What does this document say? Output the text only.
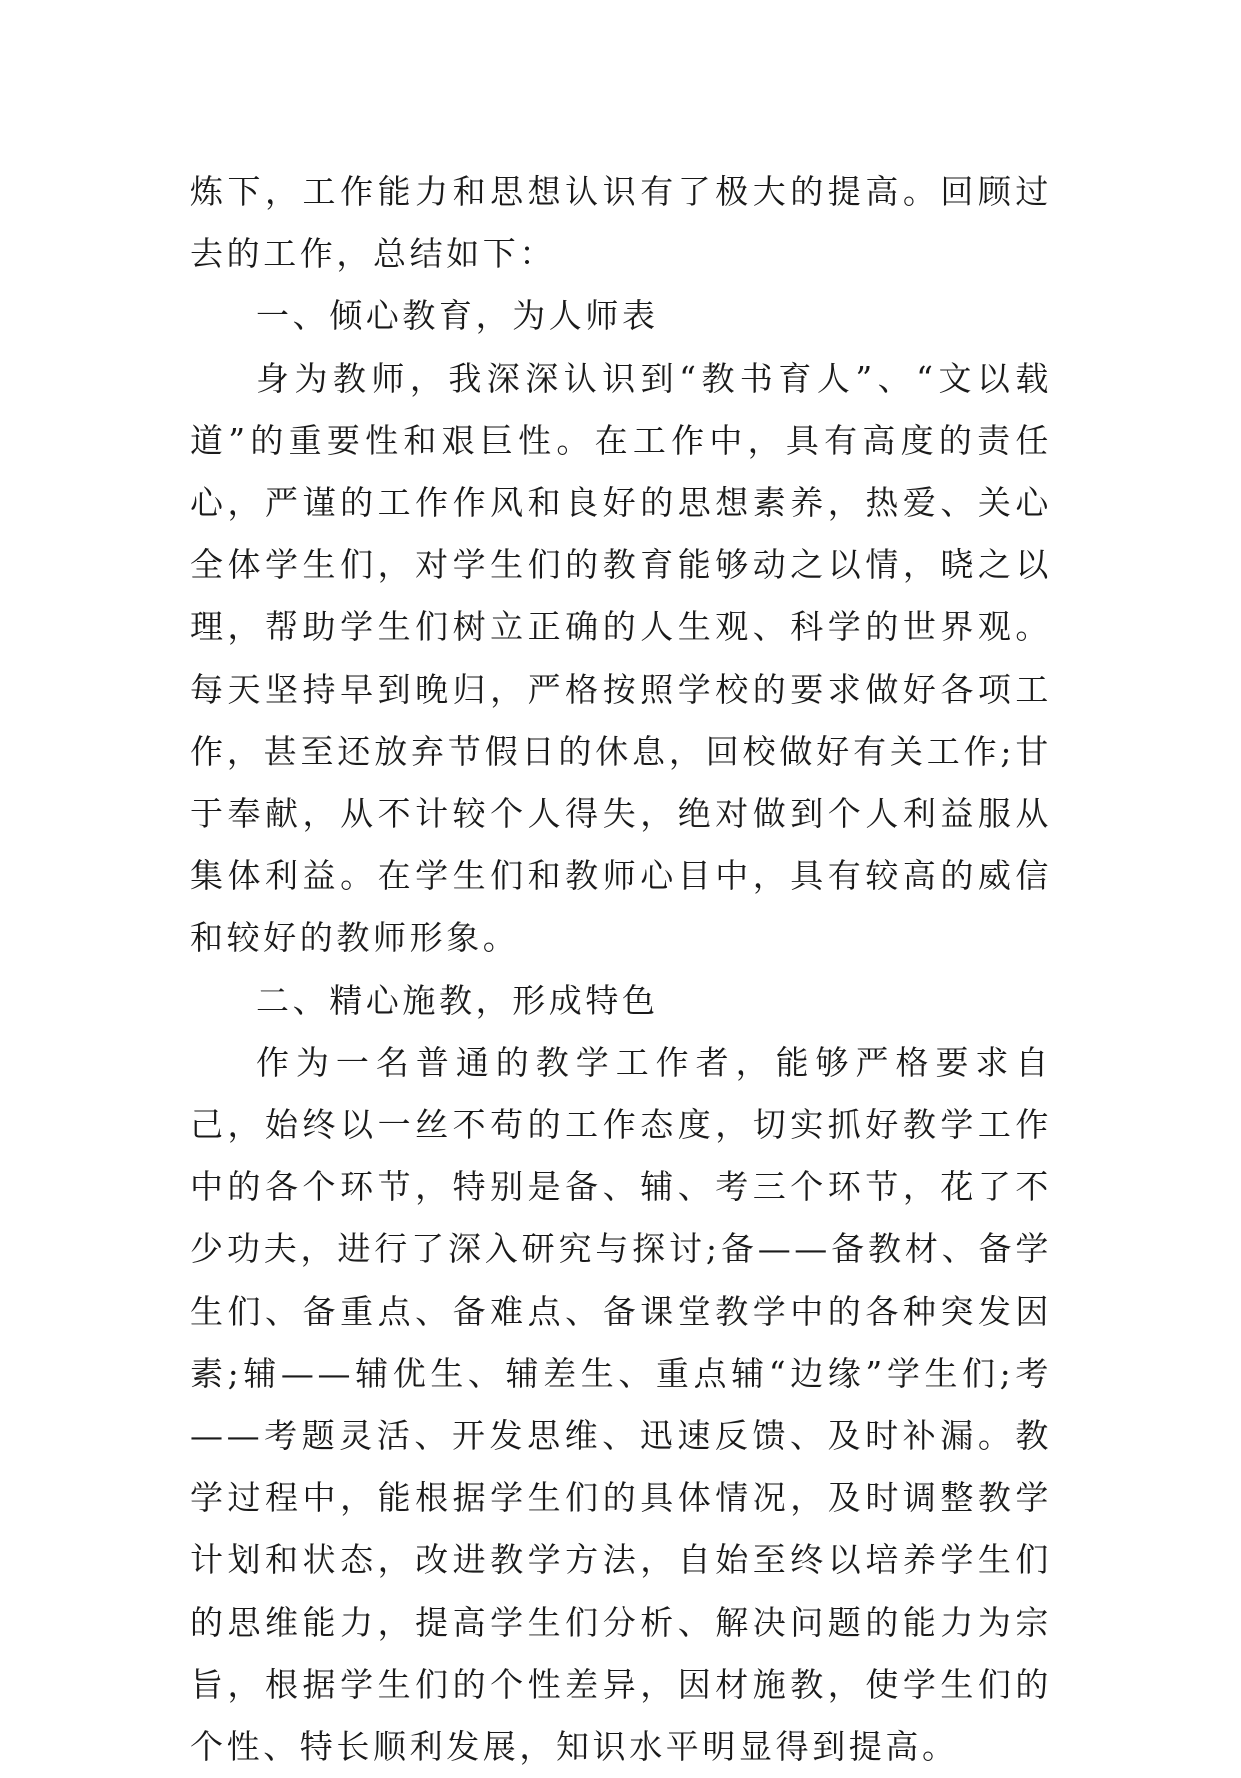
炼下，工作能力和思想认识有了极大的提高。回顾过去的工作，总结如下：

一、倾心教育，为人师表

身为教师，我深深认识到“教书育人”、“文以载道”的重要性和艰巨性。在工作中，具有高度的责任心，严谨的工作作风和良好的思想素养，热爱、关心全体学生们，对学生们的教育能够动之以情，晓之以理，帮助学生们树立正确的人生观、科学的世界观。每天坚持早到晚归，严格按照学校的要求做好各项工作，甚至还放弃节假日的休息，回校做好有关工作;甘于奉献，从不计较个人得失，绝对做到个人利益服从集体利益。在学生们和教师心目中，具有较高的威信和较好的教师形象。

二、精心施教，形成特色

作为一名普通的教学工作者，能够严格要求自己，始终以一丝不苟的工作态度，切实抓好教学工作中的各个环节，特别是备、辅、考三个环节，花了不少功夫，进行了深入研究与探讨;备——备教材、备学生们、备重点、备难点、备课堂教学中的各种突发因素;辅——辅优生、辅差生、重点辅“边缘”学生们;考——考题灵活、开发思维、迅速反馈、及时补漏。教学过程中，能根据学生们的具体情况，及时调整教学计划和状态，改进教学方法，自始至终以培养学生们的思维能力，提高学生们分析、解决问题的能力为宗旨，根据学生们的个性差异，因材施教，使学生们的个性、特长顺利发展，知识水平明显得到提高。
